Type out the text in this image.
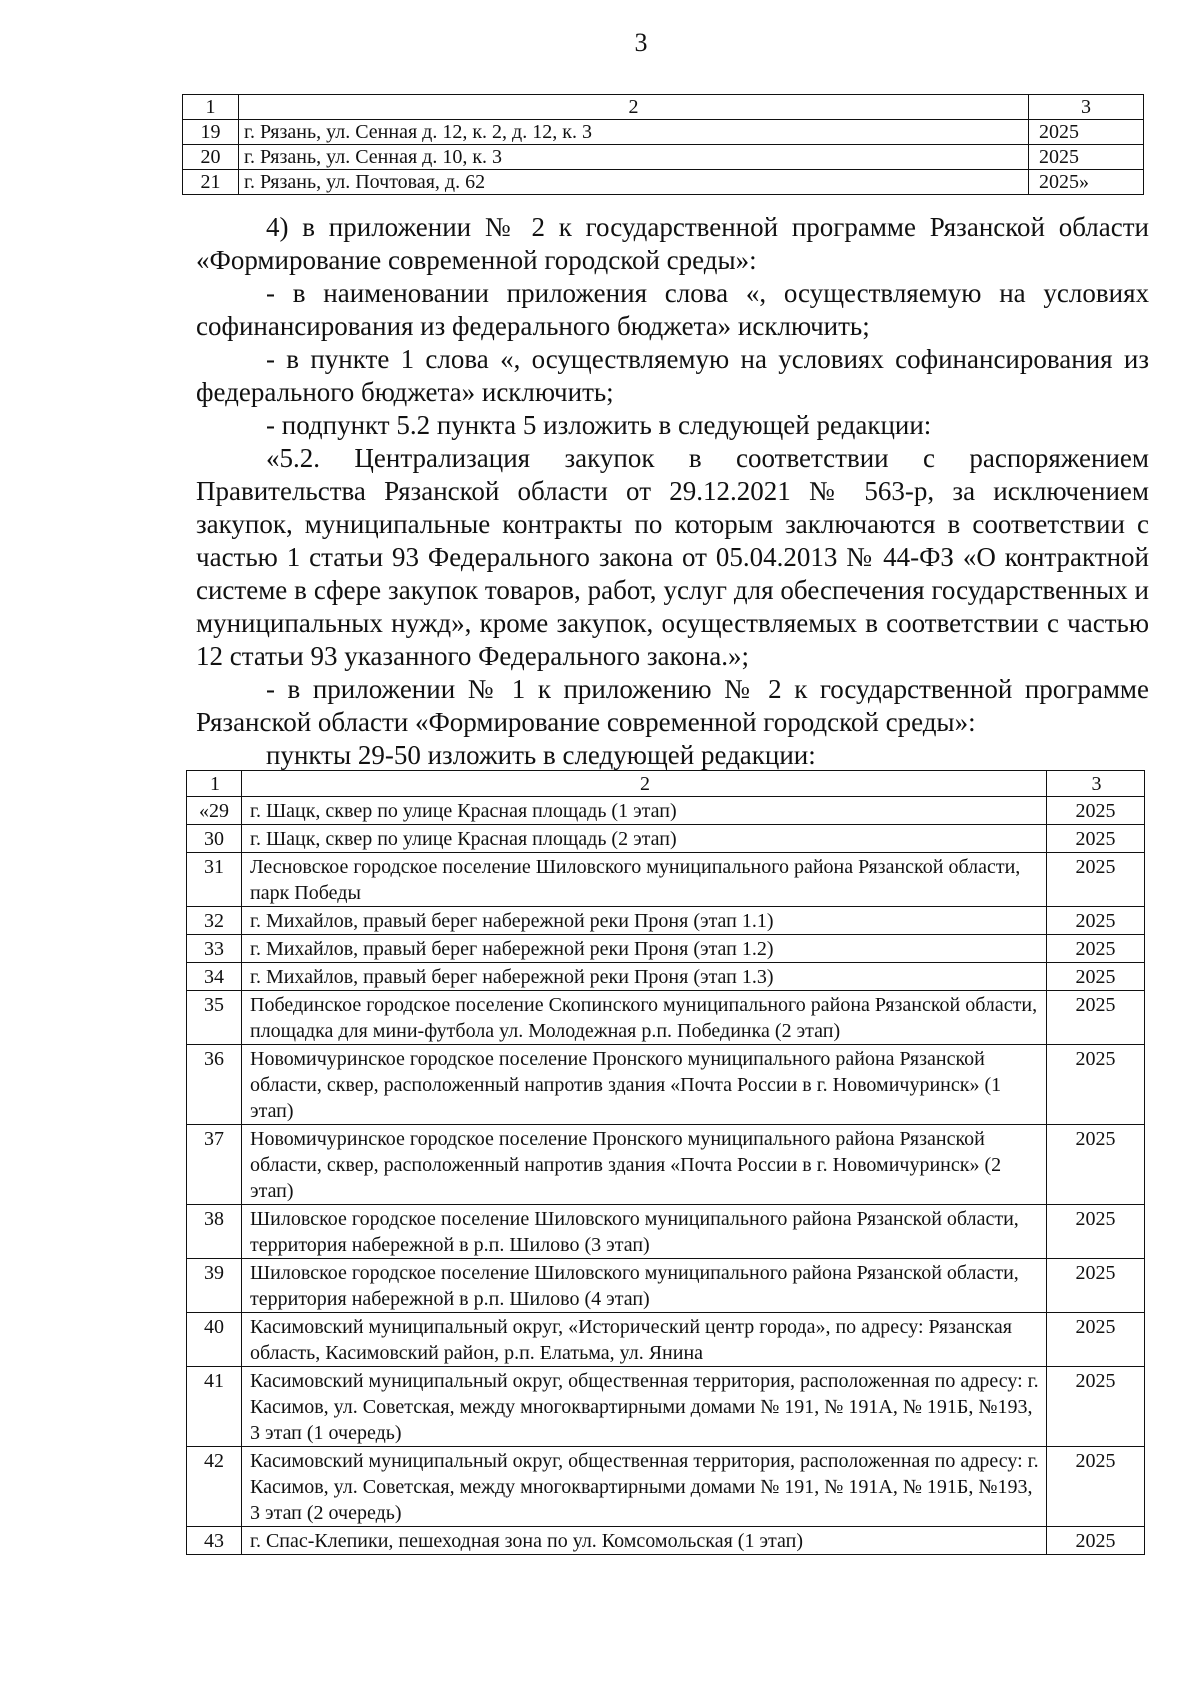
3
1	2	3
19	г. Рязань, ул. Сенная д. 12, к. 2, д. 12, к. 3	2025
20	г. Рязань, ул. Сенная д. 10, к. 3	2025
21	г. Рязань, ул. Почтовая, д. 62	2025»

4) в приложении № 2 к государственной программе Рязанской области «Формирование современной городской среды»:

- в наименовании приложения слова «, осуществляемую на условиях софинансирования из федерального бюджета» исключить;

- в пункте 1 слова «, осуществляемую на условиях софинансирования из федерального бюджета» исключить;

- подпункт 5.2 пункта 5 изложить в следующей редакции:

«5.2. Централизация закупок в соответствии с распоряжением Правительства Рязанской области от 29.12.2021 № 563-р, за исключением закупок, муниципальные контракты по которым заключаются в соответствии с частью 1 статьи 93 Федерального закона от 05.04.2013 № 44-ФЗ «О контрактной системе в сфере закупок товаров, работ, услуг для обеспечения государственных и муниципальных нужд», кроме закупок, осуществляемых в соответствии с частью 12 статьи 93 указанного Федерального закона.»;

- в приложении № 1 к приложению № 2 к государственной программе Рязанской области «Формирование современной городской среды»:

пункты 29-50 изложить в следующей редакции:

1	2	3
«29	г. Шацк, сквер по улице Красная площадь (1 этап)	2025
30	г. Шацк, сквер по улице Красная площадь (2 этап)	2025
31	Лесновское городское поселение Шиловского муниципального района Рязанской области, парк Победы	2025
32	г. Михайлов, правый берег набережной реки Проня (этап 1.1)	2025
33	г. Михайлов, правый берег набережной реки Проня (этап 1.2)	2025
34	г. Михайлов, правый берег набережной реки Проня (этап 1.3)	2025
35	Побединское городское поселение Скопинского муниципального района Рязанской области, площадка для мини-футбола ул. Молодежная р.п. Побединка (2 этап)	2025
36	Новомичуринское городское поселение Пронского муниципального района Рязанской области, сквер, расположенный напротив здания «Почта России в г. Новомичуринск» (1 этап)	2025
37	Новомичуринское городское поселение Пронского муниципального района Рязанской области, сквер, расположенный напротив здания «Почта России в г. Новомичуринск» (2 этап)	2025
38	Шиловское городское поселение Шиловского муниципального района Рязанской области, территория набережной в р.п. Шилово (3 этап)	2025
39	Шиловское городское поселение Шиловского муниципального района Рязанской области, территория набережной в р.п. Шилово (4 этап)	2025
40	Касимовский муниципальный округ, «Исторический центр города», по адресу: Рязанская область, Касимовский район, р.п. Елатьма, ул. Янина	2025
41	Касимовский муниципальный округ, общественная территория, расположенная по адресу: г. Касимов, ул. Советская, между многоквартирными домами № 191, № 191А, № 191Б, №193, 3 этап (1 очередь)	2025
42	Касимовский муниципальный округ, общественная территория, расположенная по адресу: г. Касимов, ул. Советская, между многоквартирными домами № 191, № 191А, № 191Б, №193, 3 этап (2 очередь)	2025
43	г. Спас-Клепики, пешеходная зона по ул. Комсомольская (1 этап)	2025
